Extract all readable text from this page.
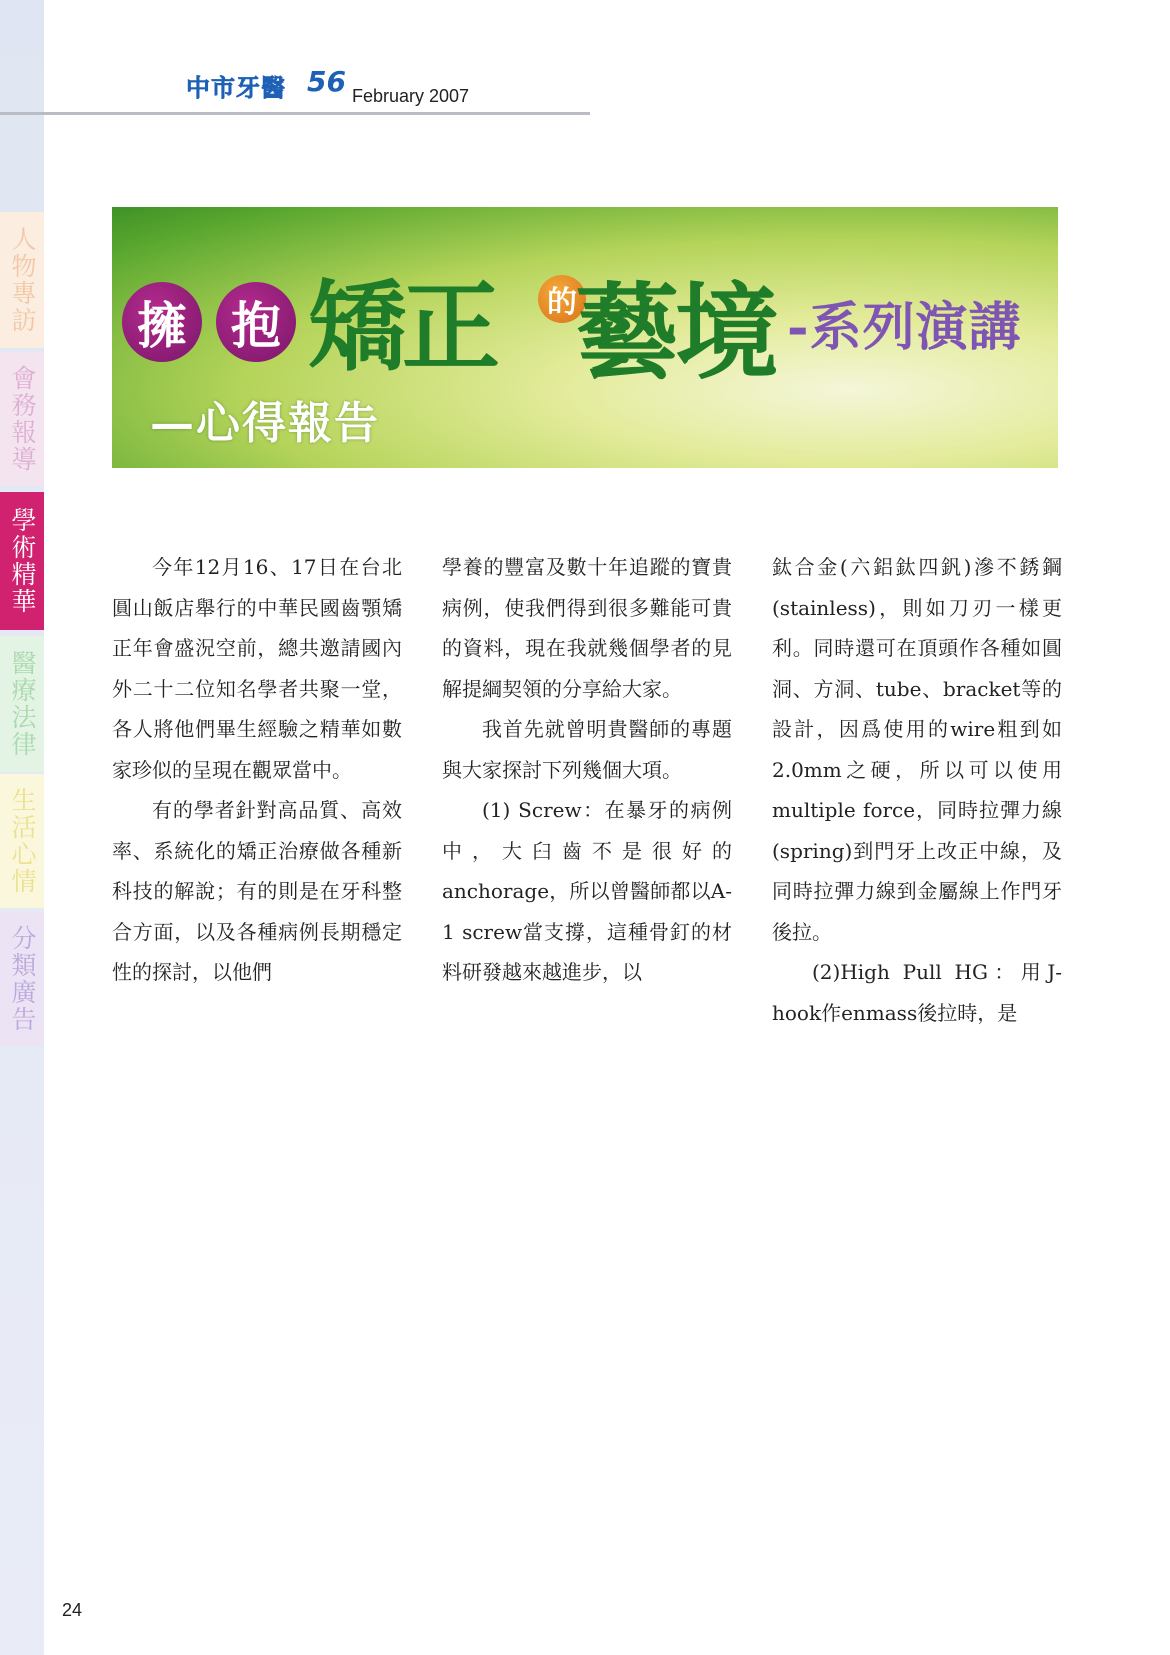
人物專訪
會務報導
學術精華
醫療法律
生活心情
分類廣告
中市牙醫 56 February 2007
擁 抱 矯正	的
藝境 -系列演講
—心得報告

今年12月16、17日在台北圓山飯店舉行的中華民國齒顎矯正年會盛況空前，總共邀請國內外二十二位知名學者共聚一堂，各人將他們畢生經驗之精華如數家珍似的呈現在觀眾當中。

有的學者針對高品質、高效率、系統化的矯正治療做各種新科技的解說；有的則是在牙科整合方面，以及各種病例長期穩定性的探討，以他們

學養的豐富及數十年追蹤的寶貴病例，使我們得到很多難能可貴的資料，現在我就幾個學者的見解提綱契領的分享給大家。

我首先就曾明貴醫師的專題與大家探討下列幾個大項。

(1) Screw：在暴牙的病例中，大臼齒不是很好的anchorage，所以曾醫師都以A-1 screw當支撐，這種骨釘的材料研發越來越進步，以

鈦合金(六鋁鈦四釩)滲不銹鋼(stainless)，則如刀刃一樣更利。同時還可在頂頭作各種如圓洞、方洞、tube、bracket等的設計，因爲使用的wire粗到如2.0mm之硬，所以可以使用multiple force，同時拉彈力線(spring)到門牙上改正中線，及同時拉彈力線到金屬線上作門牙後拉。

(2)High Pull HG：用J-hook作enmass後拉時，是

24
